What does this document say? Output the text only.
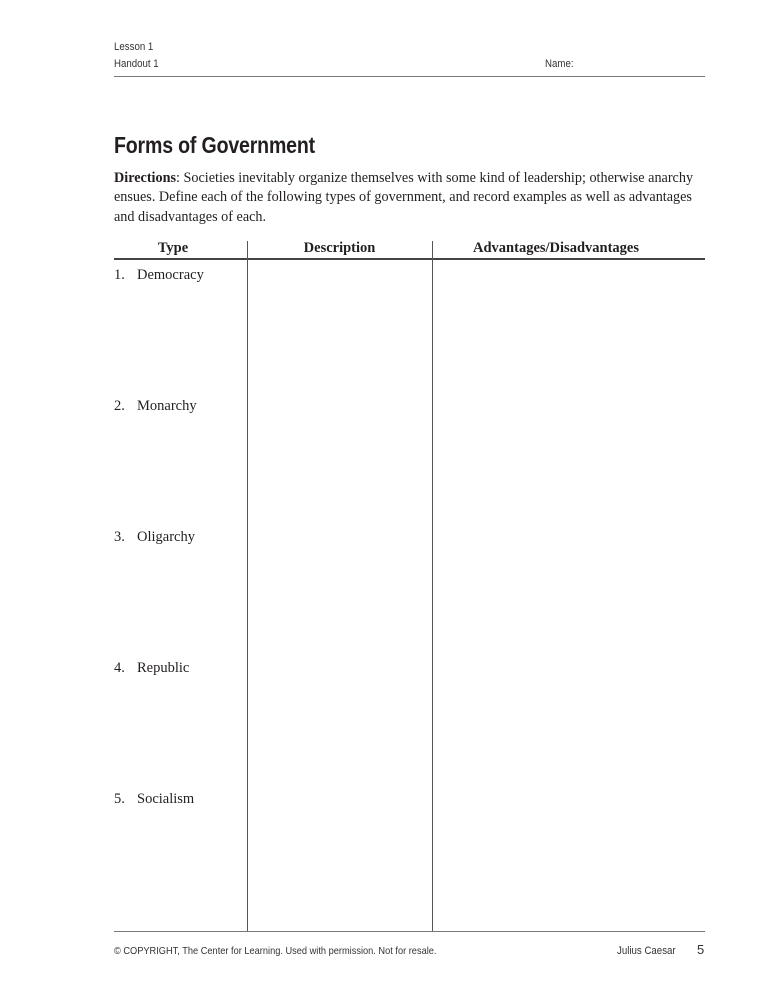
Lesson 1
Handout 1	Name:
Forms of Government
Directions: Societies inevitably organize themselves with some kind of leadership; otherwise anarchy ensues. Define each of the following types of government, and record examples as well as advantages and disadvantages of each.
Type	Description	Advantages/Disadvantages
1. Democracy
2. Monarchy
3. Oligarchy
4. Republic
5. Socialism
© COPYRIGHT, The Center for Learning. Used with permission. Not for resale.	Julius Caesar 5
